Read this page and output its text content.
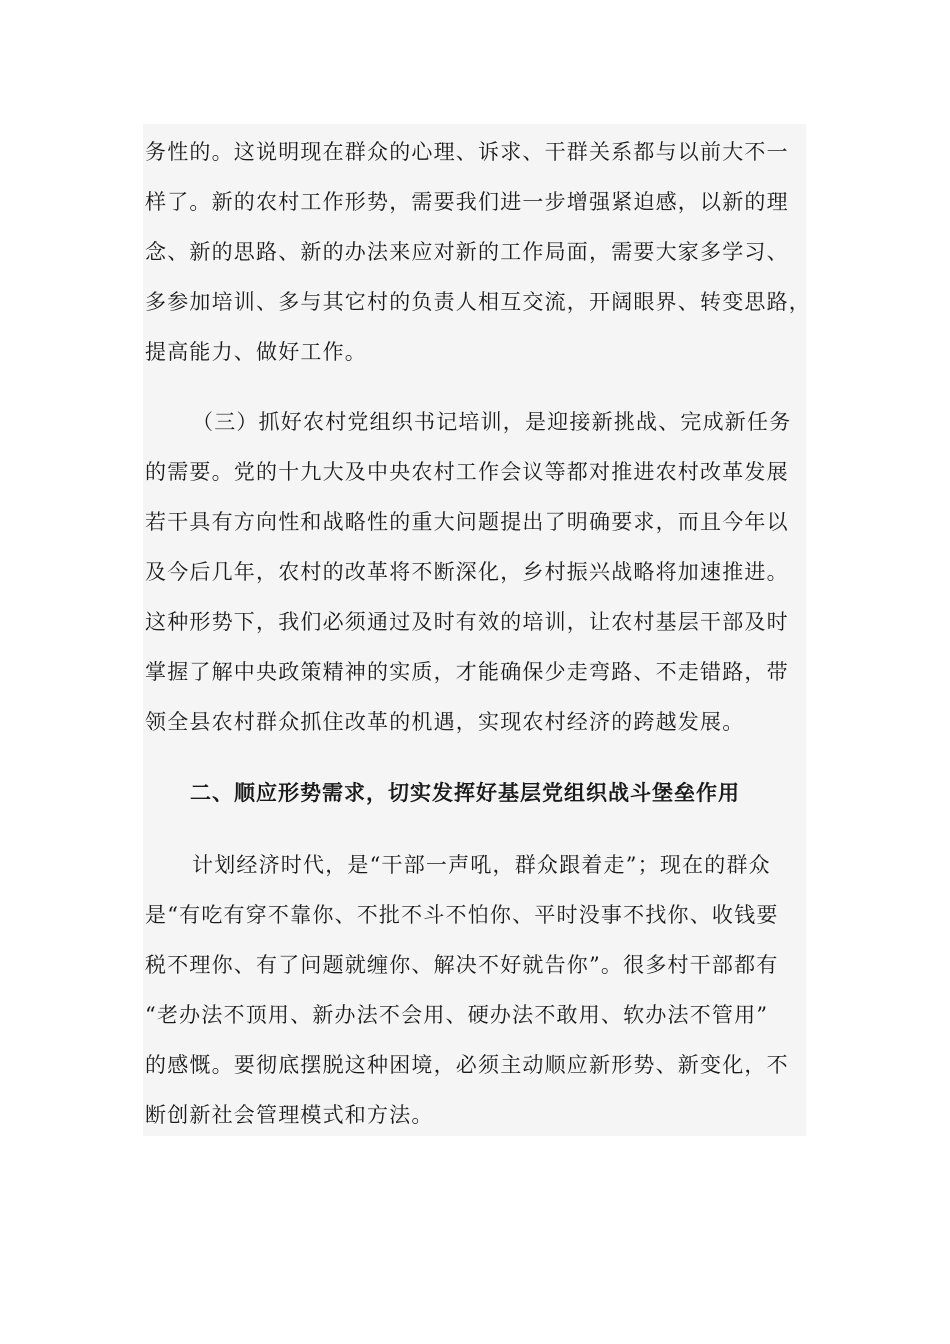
务性的。这说明现在群众的心理、诉求、干群关系都与以前大不一
样了。新的农村工作形势，需要我们进一步增强紧迫感，以新的理
念、新的思路、新的办法来应对新的工作局面，需要大家多学习、
多参加培训、多与其它村的负责人相互交流，开阔眼界、转变思路，
提高能力、做好工作。
（三）抓好农村党组织书记培训，是迎接新挑战、完成新任务
的需要。党的十九大及中央农村工作会议等都对推进农村改革发展
若干具有方向性和战略性的重大问题提出了明确要求，而且今年以
及今后几年，农村的改革将不断深化，乡村振兴战略将加速推进。
这种形势下，我们必须通过及时有效的培训，让农村基层干部及时
掌握了解中央政策精神的实质，才能确保少走弯路、不走错路，带
领全县农村群众抓住改革的机遇，实现农村经济的跨越发展。
二、顺应形势需求，切实发挥好基层党组织战斗堡垒作用
计划经济时代，是“干部一声吼，群众跟着走”；现在的群众
是“有吃有穿不靠你、不批不斗不怕你、平时没事不找你、收钱要
税不理你、有了问题就缠你、解决不好就告你”。很多村干部都有
“老办法不顶用、新办法不会用、硬办法不敢用、软办法不管用”
的感慨。要彻底摆脱这种困境，必须主动顺应新形势、新变化，不
断创新社会管理模式和方法。
